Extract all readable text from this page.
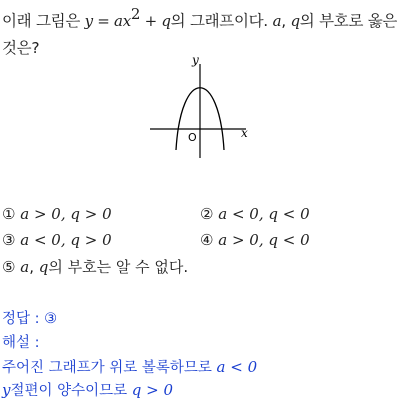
이래 그림은 $y = ax^2 + q$의 그래프이다. a, q의 부호로 옳은 것은?
y
x
O
① a > 0, q > 0	② a < 0, q < 0
③ a < 0, q > 0	④ a > 0, q < 0
⑤ a, q의 부호는 알 수 없다.
정답 : ③
해설 :
주어진 그래프가 위로 볼록하므로 a < 0
y절편이 양수이므로 q > 0
